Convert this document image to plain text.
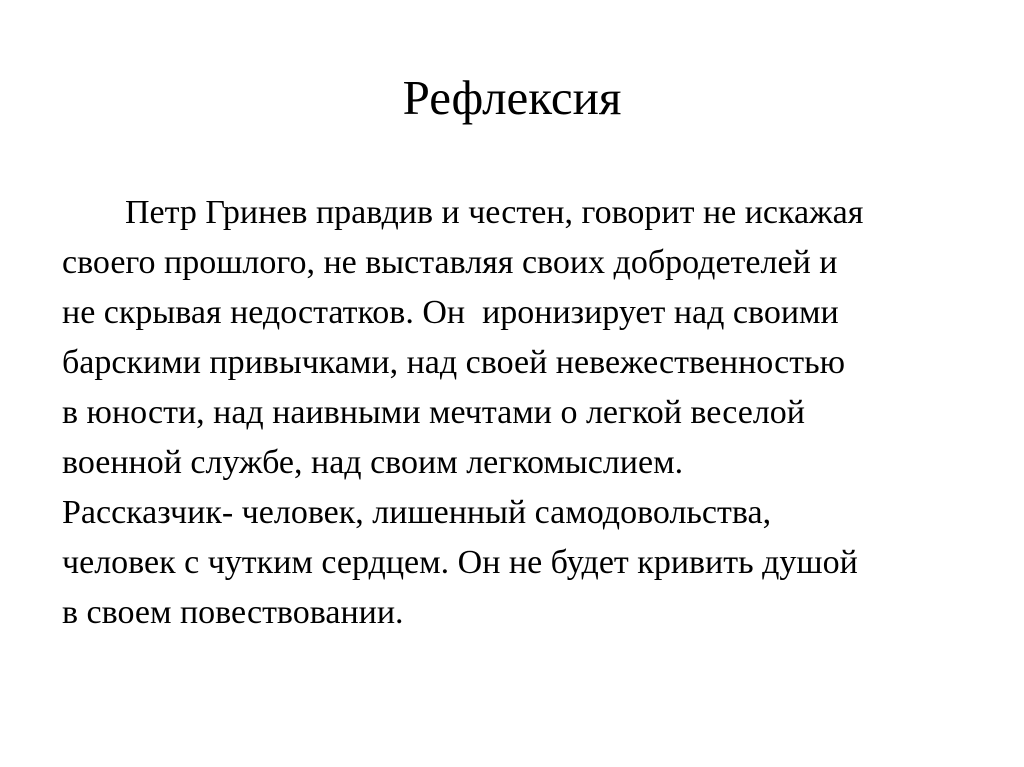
Рефлексия
Петр Гринев правдив и честен, говорит не искажая
своего прошлого, не выставляя своих добродетелей и
не скрывая недостатков. Он  иронизирует над своими
барскими привычками, над своей невежественностью
в юности, над наивными мечтами о легкой веселой
военной службе, над своим легкомыслием.
Рассказчик- человек, лишенный самодовольства,
человек с чутким сердцем. Он не будет кривить душой
в своем повествовании.
